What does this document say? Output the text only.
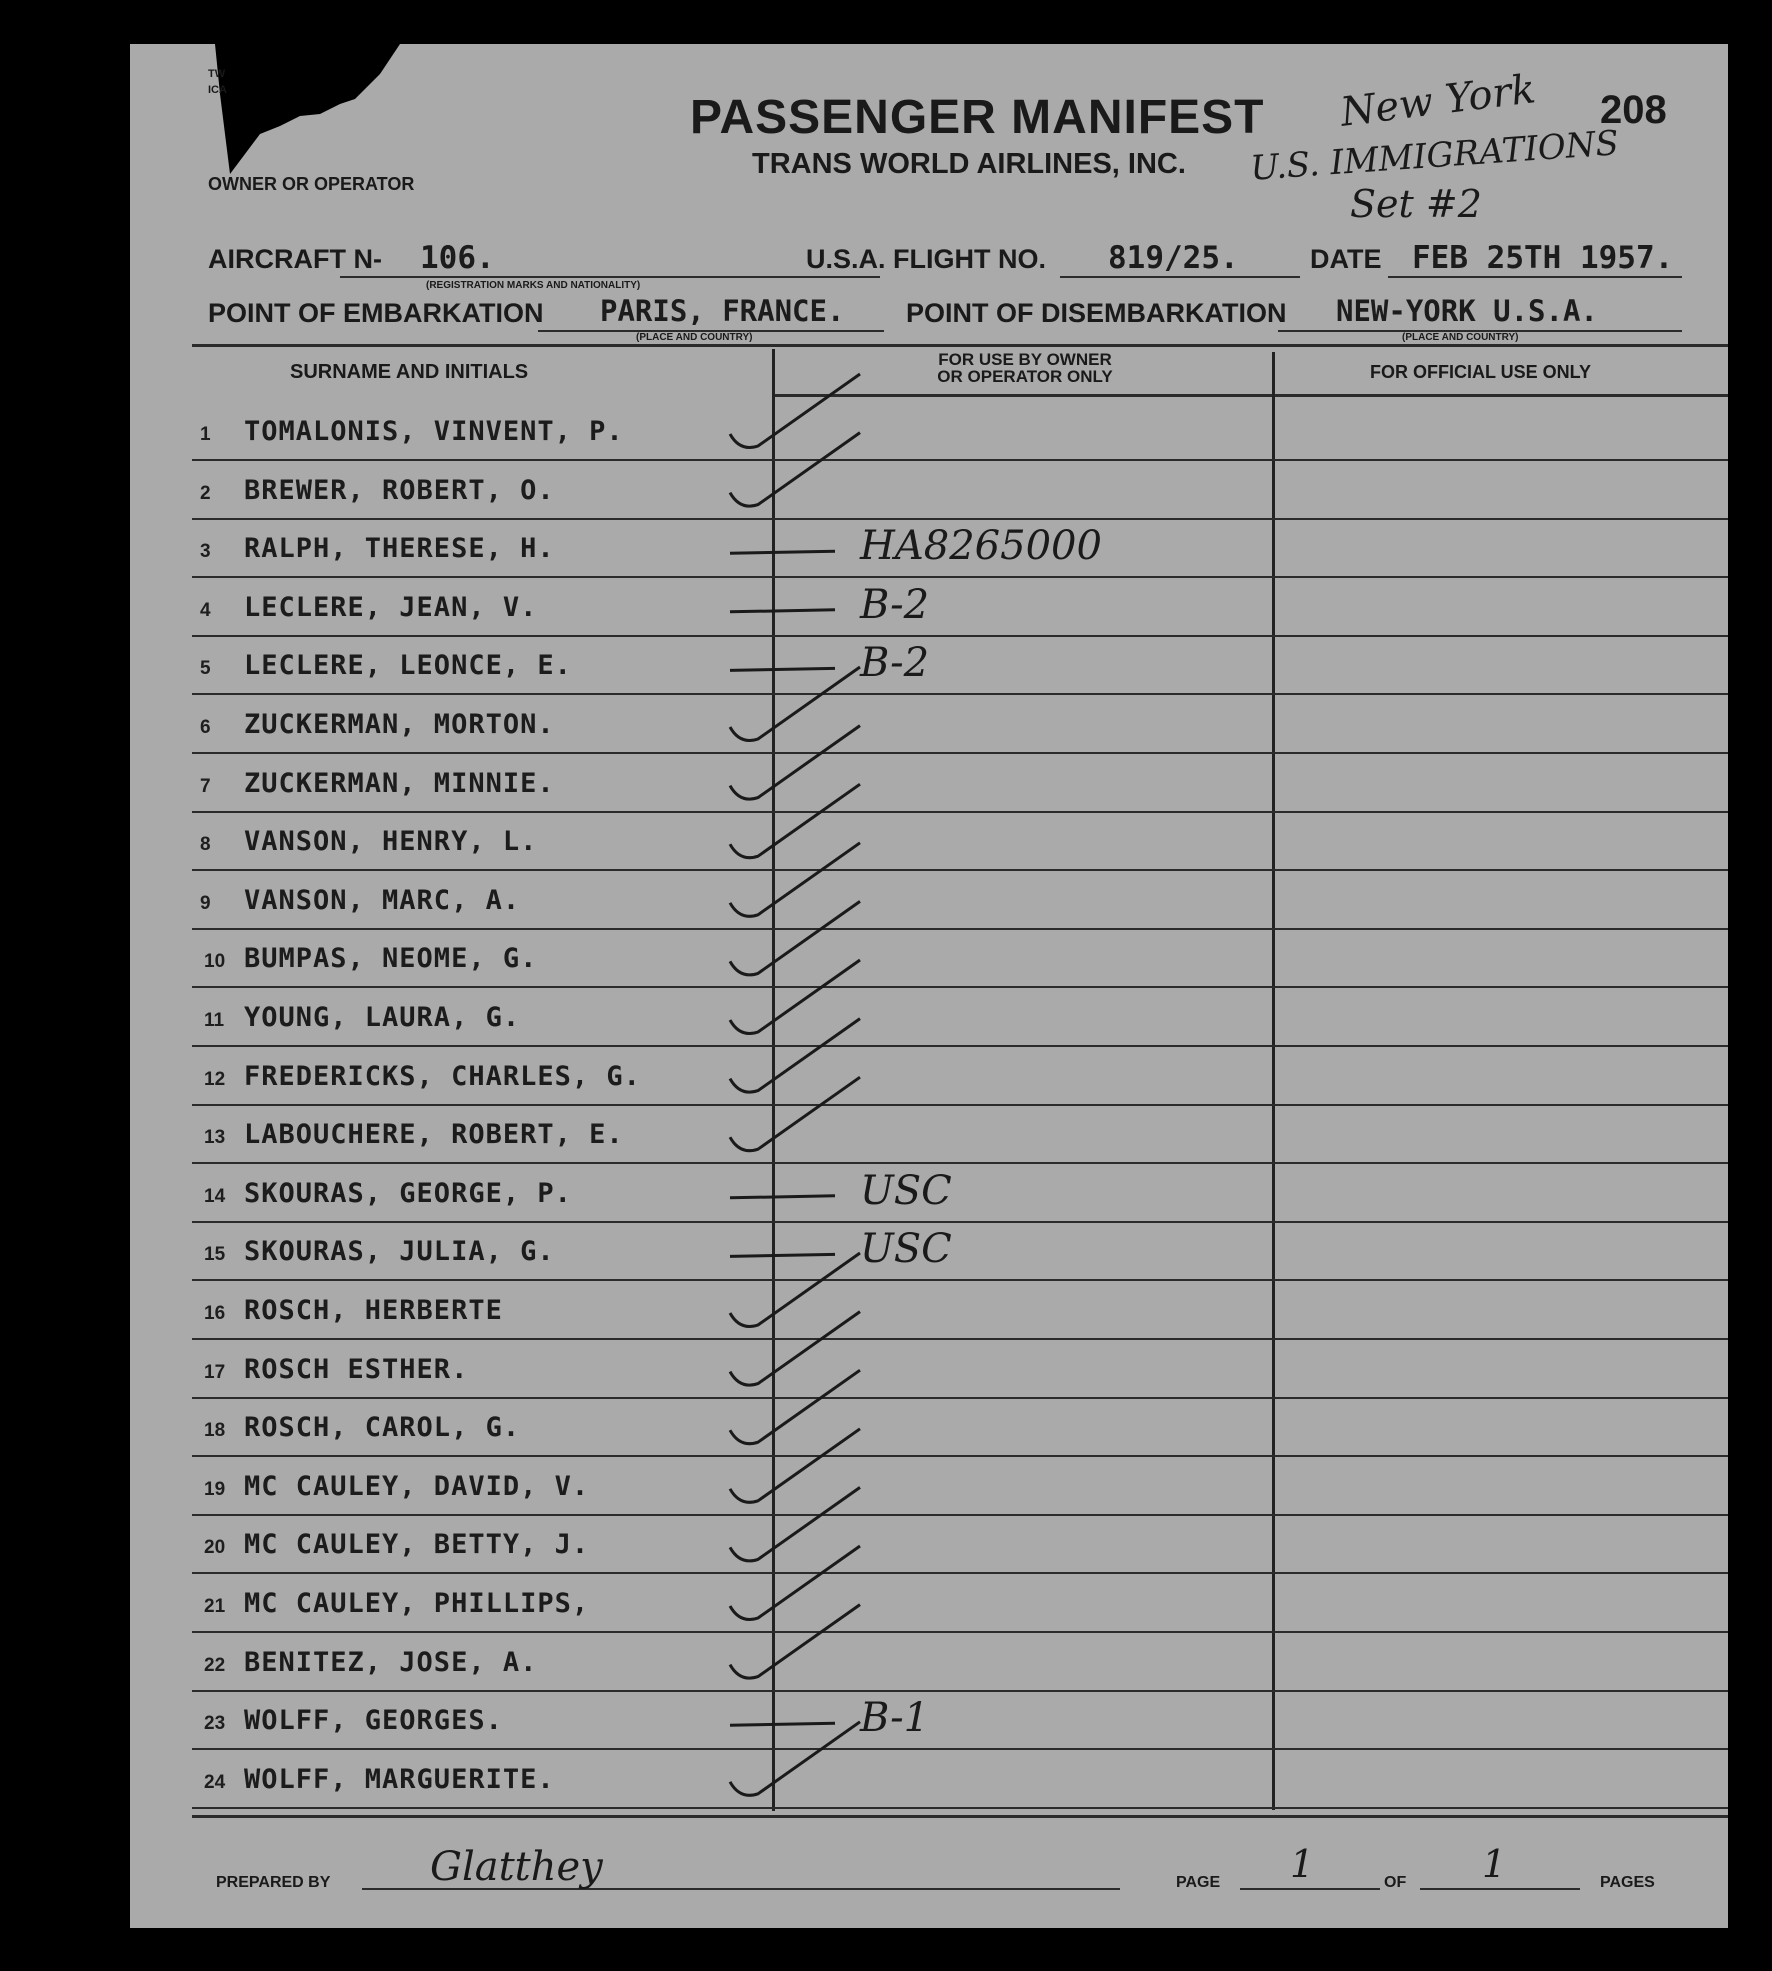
TW
ICA
OWNER OR OPERATOR
PASSENGER MANIFEST
TRANS WORLD AIRLINES, INC.
New York
U.S. IMMIGRATIONS
Set #2
208
AIRCRAFT N- 106.
(REGISTRATION MARKS AND NATIONALITY)
U.S.A. FLIGHT NO. 819/25.	DATE FEB 25TH 1957.
POINT OF EMBARKATION PARIS, FRANCE.
(PLACE AND COUNTRY)
POINT OF DISEMBARKATION NEW-YORK U.S.A.
(PLACE AND COUNTRY)
SURNAME AND INITIALS
FOR USE BY OWNER
OR OPERATOR ONLY	FOR OFFICIAL USE ONLY
1	TOMALONIS, VINVENT, P.
2	BREWER, ROBERT, O.
3	RALPH, THERESE, H.	HA8265000
4	LECLERE, JEAN, V.	B-2
5	LECLERE, LEONCE, E.	B-2
6	ZUCKERMAN, MORTON.
7	ZUCKERMAN, MINNIE.
8	VANSON, HENRY, L.
9	VANSON, MARC, A.
10 BUMPAS, NEOME, G.
11 YOUNG, LAURA, G.
12 FREDERICKS, CHARLES, G.
13 LABOUCHERE, ROBERT, E.
14 SKOURAS, GEORGE, P.	USC
15 SKOURAS, JULIA, G.	USC
16 ROSCH, HERBERTE
17 ROSCH ESTHER.
18 ROSCH, CAROL, G.
19 MC CAULEY, DAVID, V.
20 MC CAULEY, BETTY, J.
21 MC CAULEY, PHILLIPS,
22 BENITEZ, JOSE, A.
23 WOLFF, GEORGES.	B-1
24 WOLFF, MARGUERITE.
PREPARED BY Glatthey	PAGE 1	OF 1	PAGES
